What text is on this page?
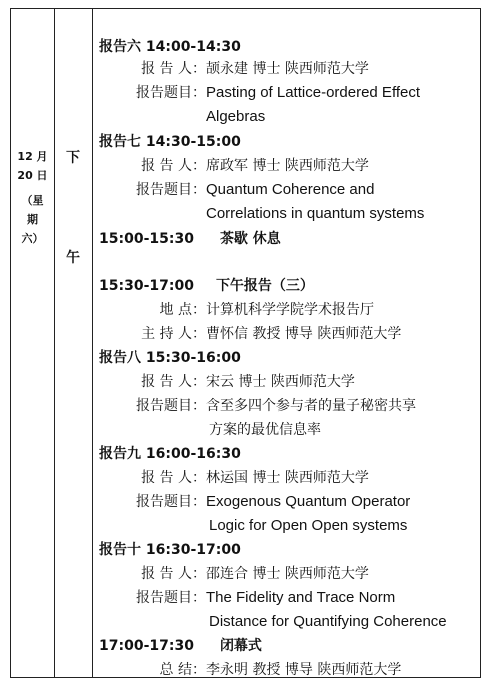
12 月
20 日
（星
期
六）
下
午
报告六 14:00-14:30
报 告 人：颉永建 博士 陕西师范大学
报告题目：Pasting of Lattice-ordered Effect
Algebras
报告七 14:30-15:00
报 告 人：席政军 博士 陕西师范大学
报告题目：Quantum Coherence and
Correlations in quantum systems
15:00-15:30 茶歇 休息
15:30-17:00 下午报告（三）
地 点：计算机科学学院学术报告厅
主 持 人：曹怀信 教授 博导 陕西师范大学
报告八 15:30-16:00
报 告 人：宋云 博士 陕西师范大学
报告题目：含至多四个参与者的量子秘密共享
方案的最优信息率
报告九 16:00-16:30
报 告 人：林运国 博士 陕西师范大学
报告题目：Exogenous Quantum Operator
Logic for Open Open systems
报告十 16:30-17:00
报 告 人：邵连合 博士 陕西师范大学
报告题目：The Fidelity and Trace Norm
Distance for Quantifying Coherence
17:00-17:30 闭幕式
总 结：李永明 教授 博导 陕西师范大学
